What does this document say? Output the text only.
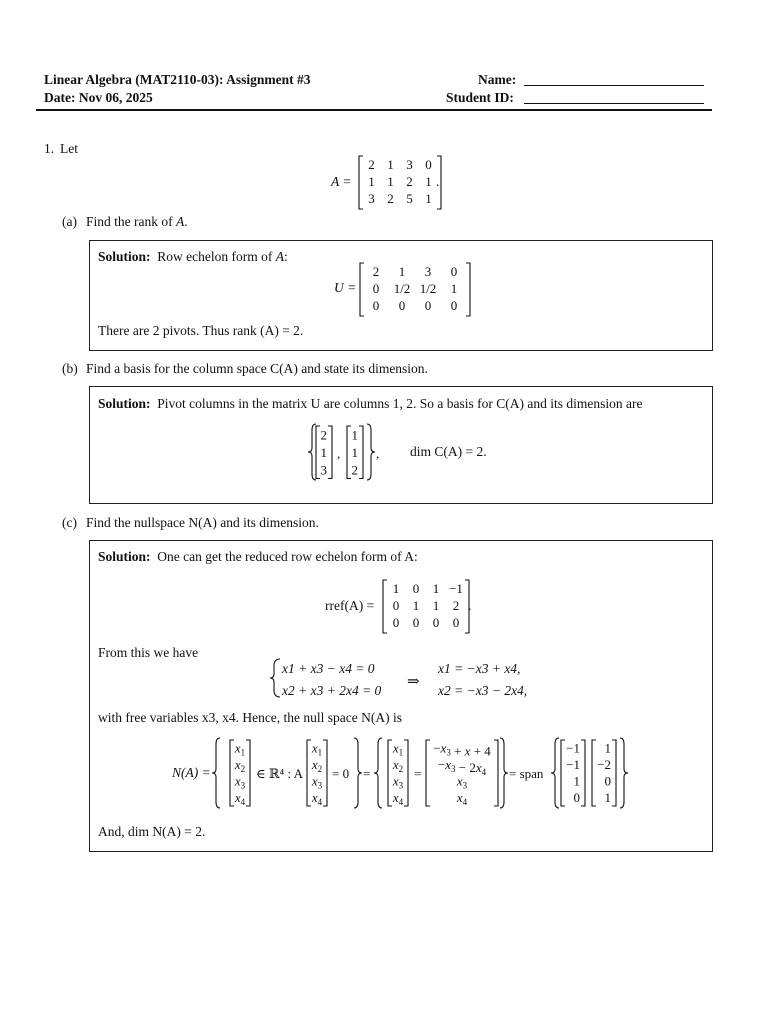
Linear Algebra (MAT2110-03): Assignment #3
Date: Nov 06, 2025
Name:
Student ID:
1. Let
A =
2 1 3 0
1 1 2 1
3 2 5 1
.
(a) Find the rank of A.
Solution: Row echelon form of A:
U =
2	1	3	0
0	1/2 1/2	1
0	0	0	0
There are 2 pivots. Thus rank (A) = 2.
(b) Find a basis for the column space C(A) and state its dimension.
Solution: Pivot columns in the matrix U are columns 1, 2. So a basis for C(A) and its dimension are
2
1
3
,
1
1
2
, dim C(A) = 2.
(c) Find the nullspace N(A) and its dimension.
Solution: One can get the reduced row echelon form of A:
rref(A) =
1	0	1 −1
0	1	1	2
0	0	0	0
.
From this we have
x1 + x3 − x4 = 0
x2 + x3 + 2x4 = 0
⇒
x1 = −x3 + x4,
x2 = −x3 − 2x4,
with free variables x3, x4. Hence, the null space N(A) is
N(A) =
$x_1$
$x_2$
$x_3$
$x_4$
∈ ℝ⁴ : A
$x_1$
$x_2$
$x_3$
$x_4$
= 0 =
$x_1$
$x_2$
$x_3$
$x_4$
=
$-x_3 + x + 4$
$-x_3 - 2x_4$
$x_3$
$x_4$
= span
−1
−1
1
0
1
−2
0
1
And, dim N(A) = 2.
